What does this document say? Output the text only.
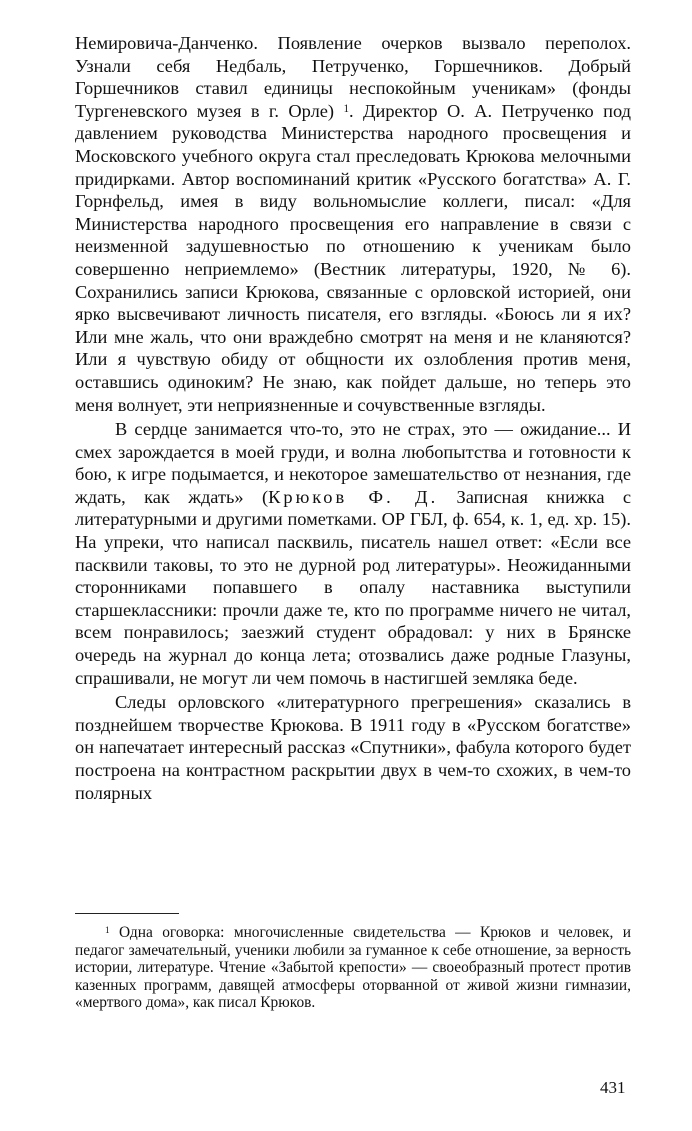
Немировича-Данченко. Появление очерков вызвало переполох. Узнали себя Недбаль, Петрученко, Горшечников. Добрый Горшечников ставил единицы неспокойным ученикам» (фонды Тургеневского музея в г. Орле) $^1$. Директор О. А. Петрученко под давлением руководства Министерства народного просвещения и Московского учебного округа стал преследовать Крюкова мелочными придирками. Автор воспоминаний критик «Русского богатства» А. Г. Горнфельд, имея в виду вольномыслие коллеги, писал: «Для Министерства народного просвещения его направление в связи с неизменной задушевностью по отношению к ученикам было совершенно неприемлемо» (Вестник литературы, 1920, № 6). Сохранились записи Крюкова, связанные с орловской историей, они ярко высвечивают личность писателя, его взгляды. «Боюсь ли я их? Или мне жаль, что они враждебно смотрят на меня и не кланяются? Или я чувствую обиду от общности их озлобления против меня, оставшись одиноким? Не знаю, как пойдет дальше, но теперь это меня волнует, эти неприязненные и сочувственные взгляды.

В сердце занимается что-то, это не страх, это — ожидание... И смех зарождается в моей груди, и волна любопытства и готовности к бою, к игре подымается, и некоторое замешательство от незнания, где ждать, как ждать» (Крюков Ф. Д. Записная книжка с литературными и другими пометками. ОР ГБЛ, ф. 654, к. 1, ед. хр. 15). На упреки, что написал пасквиль, писатель нашел ответ: «Если все пасквили таковы, то это не дурной род литературы». Неожиданными сторонниками попавшего в опалу наставника выступили старшеклассники: прочли даже те, кто по программе ничего не читал, всем понравилось; заезжий студент обрадовал: у них в Брянске очередь на журнал до конца лета; отозвались даже родные Глазуны, спрашивали, не могут ли чем помочь в настигшей земляка беде.

Следы орловского «литературного прегрешения» сказались в позднейшем творчестве Крюкова. В 1911 году в «Русском богатстве» он напечатает интересный рассказ «Спутники», фабула которого будет построена на контрастном раскрытии двух в чем-то схожих, в чем-то полярных

$^1$ Одна оговорка: многочисленные свидетельства — Крюков и человек, и педагог замечательный, ученики любили за гуманное к себе отношение, за верность истории, литературе. Чтение «Забытой крепости» — своеобразный протест против казенных программ, давящей атмосферы оторванной от живой жизни гимназии, «мертвого дома», как писал Крюков.

431
